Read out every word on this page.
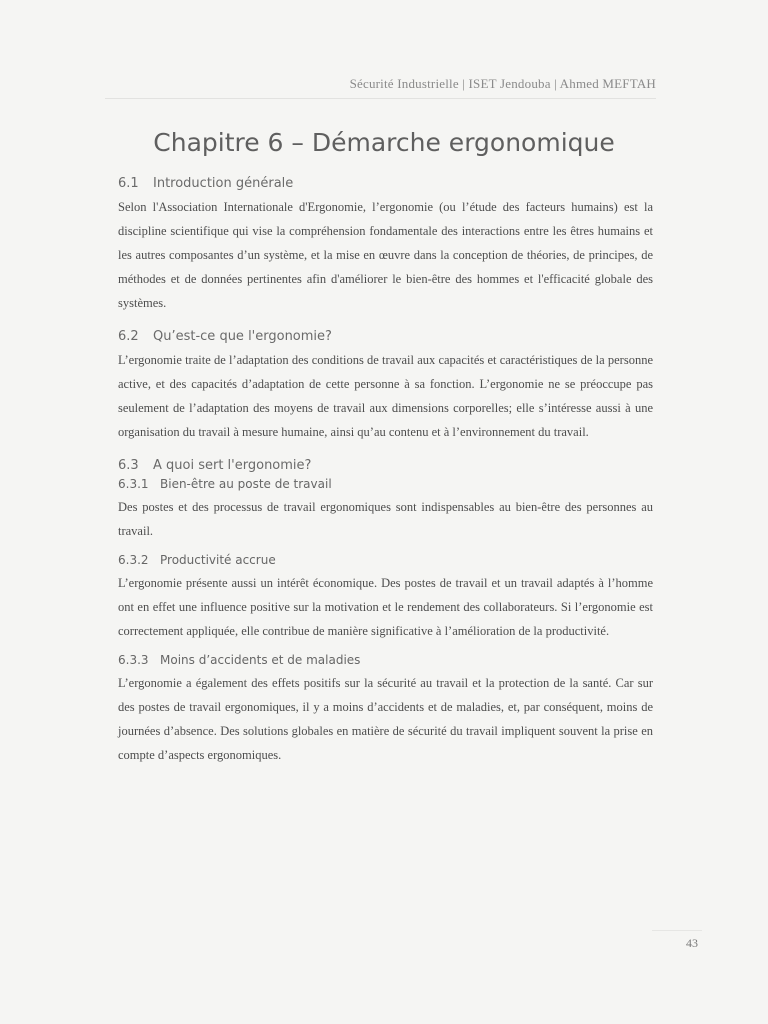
Sécurité Industrielle | ISET Jendouba | Ahmed MEFTAH
Chapitre 6 – Démarche ergonomique
6.1 Introduction générale

Selon l'Association Internationale d'Ergonomie, l’ergonomie (ou l’étude des facteurs humains) est la discipline scientifique qui vise la compréhension fondamentale des interactions entre les êtres humains et les autres composantes d’un système, et la mise en œuvre dans la conception de théories, de principes, de méthodes et de données pertinentes afin d'améliorer le bien-être des hommes et l'efficacité globale des systèmes.

6.2 Qu’est-ce que l'ergonomie?

L’ergonomie traite de l’adaptation des conditions de travail aux capacités et caractéristiques de la personne active, et des capacités d’adaptation de cette personne à sa fonction. L’ergonomie ne se préoccupe pas seulement de l’adaptation des moyens de travail aux dimensions corporelles; elle s’intéresse aussi à une organisation du travail à mesure humaine, ainsi qu’au contenu et à l’environnement du travail.

6.3 A quoi sert l'ergonomie?
6.3.1 Bien-être au poste de travail

Des postes et des processus de travail ergonomiques sont indispensables au bien-être des personnes au travail.

6.3.2 Productivité accrue

L’ergonomie présente aussi un intérêt économique. Des postes de travail et un travail adaptés à l’homme ont en effet une influence positive sur la motivation et le rendement des collaborateurs. Si l’ergonomie est correctement appliquée, elle contribue de manière significative à l’amélioration de la productivité.

6.3.3 Moins d’accidents et de maladies

L’ergonomie a également des effets positifs sur la sécurité au travail et la protection de la santé. Car sur des postes de travail ergonomiques, il y a moins d’accidents et de maladies, et, par conséquent, moins de journées d’absence. Des solutions globales en matière de sécurité du travail impliquent souvent la prise en compte d’aspects ergonomiques.

43
